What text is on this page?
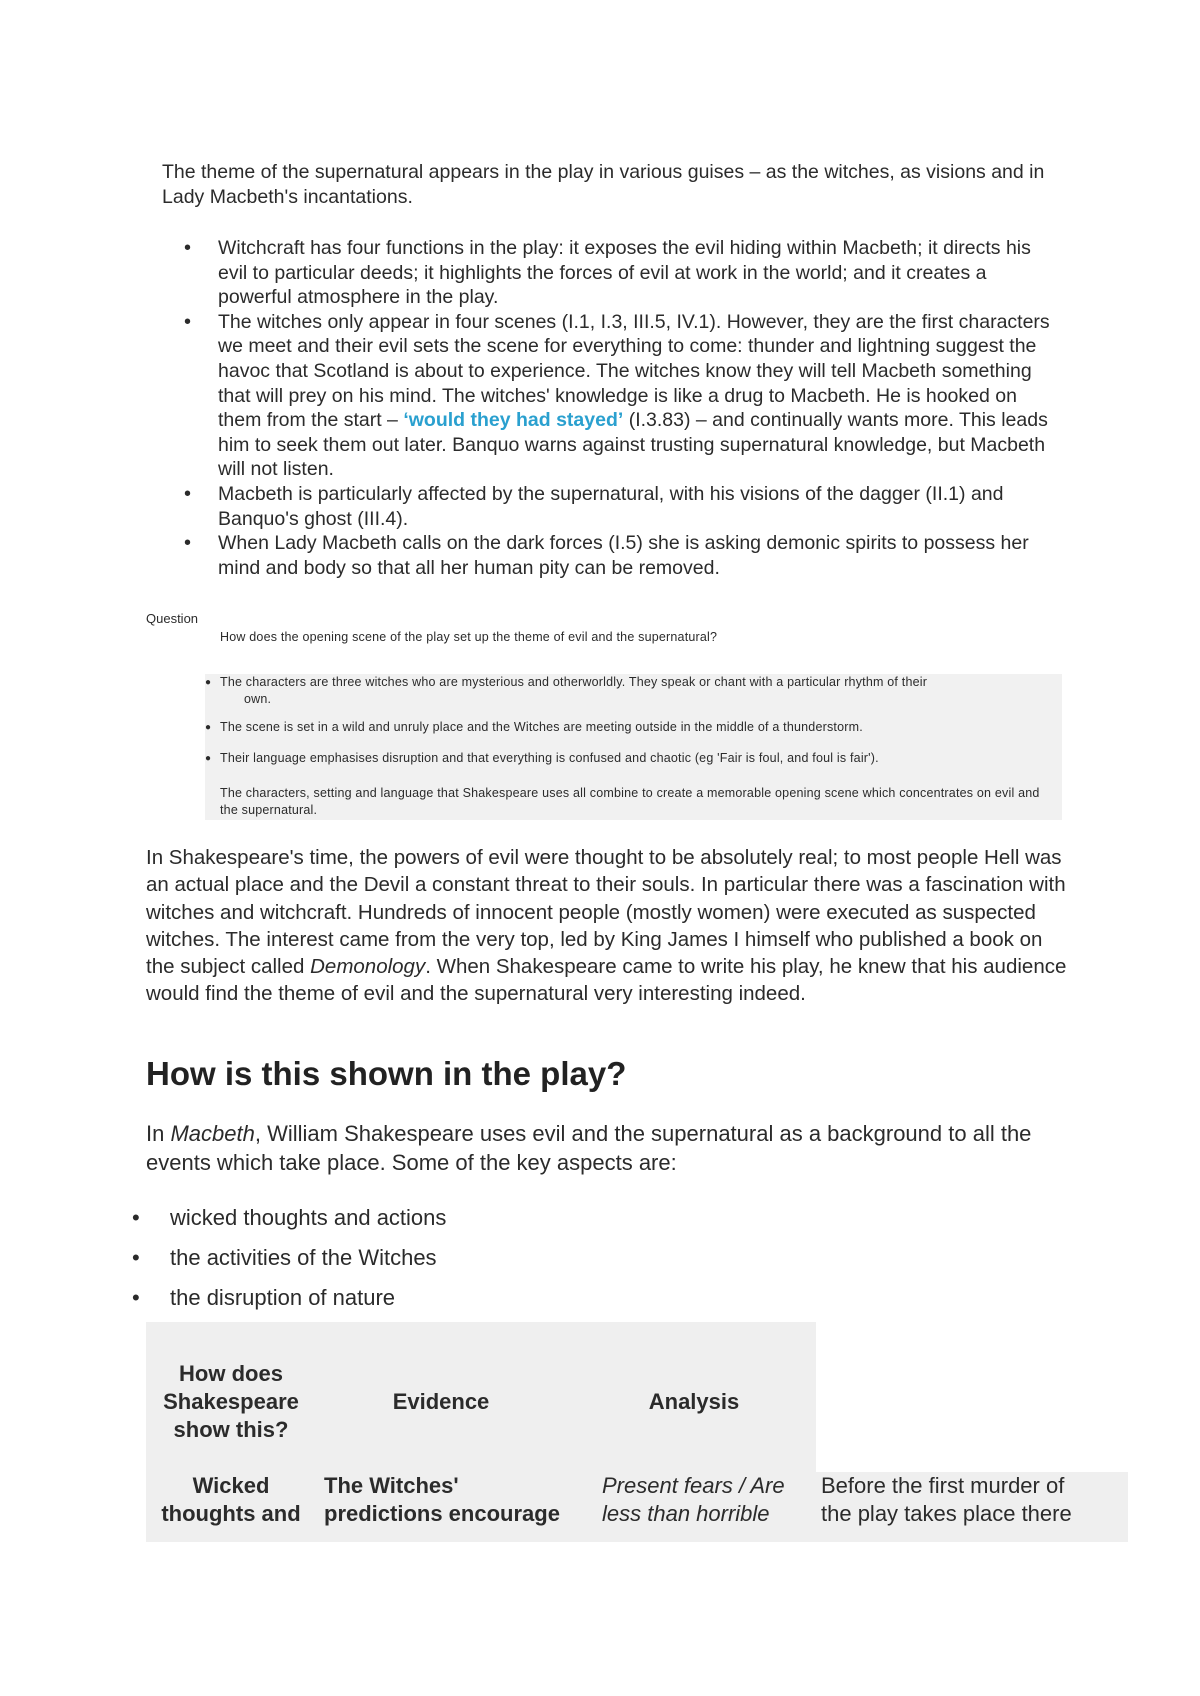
The theme of the supernatural appears in the play in various guises – as the witches, as visions and in Lady Macbeth's incantations.

• Witchcraft has four functions in the play: it exposes the evil hiding within Macbeth; it directs his evil to particular deeds; it highlights the forces of evil at work in the world; and it creates a powerful atmosphere in the play.
• The witches only appear in four scenes (I.1, I.3, III.5, IV.1). However, they are the first characters we meet and their evil sets the scene for everything to come: thunder and lightning suggest the havoc that Scotland is about to experience. The witches know they will tell Macbeth something that will prey on his mind. The witches' knowledge is like a drug to Macbeth. He is hooked on them from the start – ‘would they had stayed’ (I.3.83) – and continually wants more. This leads him to seek them out later. Banquo warns against trusting supernatural knowledge, but Macbeth will not listen.
• Macbeth is particularly affected by the supernatural, with his visions of the dagger (II.1) and Banquo's ghost (III.4).
• When Lady Macbeth calls on the dark forces (I.5) she is asking demonic spirits to possess her mind and body so that all her human pity can be removed.

Question

How does the opening scene of the play set up the theme of evil and the supernatural?

● The characters are three witches who are mysterious and otherworldly. They speak or chant with a particular rhythm of their
own.
● The scene is set in a wild and unruly place and the Witches are meeting outside in the middle of a thunderstorm.
● Their language emphasises disruption and that everything is confused and chaotic (eg 'Fair is foul, and foul is fair').

The characters, setting and language that Shakespeare uses all combine to create a memorable opening scene which concentrates on evil and the supernatural.

In Shakespeare's time, the powers of evil were thought to be absolutely real; to most people Hell was an actual place and the Devil a constant threat to their souls. In particular there was a fascination with witches and witchcraft. Hundreds of innocent people (mostly women) were executed as suspected witches. The interest came from the very top, led by King James I himself who published a book on the subject called Demonology. When Shakespeare came to write his play, he knew that his audience would find the theme of evil and the supernatural very interesting indeed.

How is this shown in the play?

In Macbeth, William Shakespeare uses evil and the supernatural as a background to all the events which take place. Some of the key aspects are:

• wicked thoughts and actions
• the activities of the Witches
• the disruption of nature
How does Shakespeare show this?
Evidence	Analysis
Wicked
thoughts and
The Witches'
predictions encourage
Present fears / Are
less than horrible
Before the first murder of
the play takes place there
